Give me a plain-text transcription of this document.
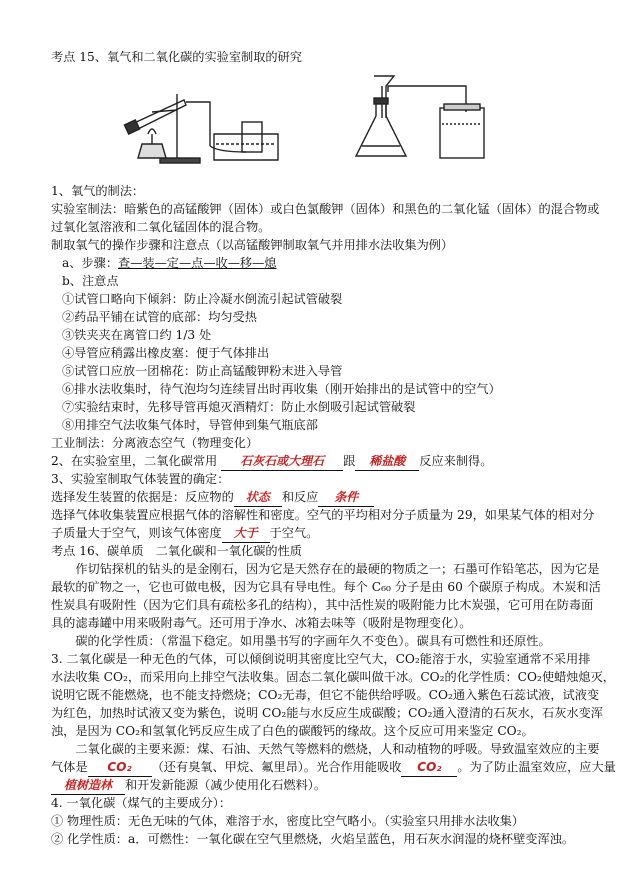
考点 15、氧气和二氧化碳的实验室制取的研究
1、氧气的制法：
实验室制法：暗紫色的高锰酸钾（固体）或白色氯酸钾（固体）和黑色的二氧化锰（固体）的混合物或
过氧化氢溶液和二氧化锰固体的混合物。
制取氧气的操作步骤和注意点（以高锰酸钾制取氧气并用排水法收集为例）
a、步骤：查—装—定—点—收—移—熄
b、注意点
①试管口略向下倾斜：防止冷凝水倒流引起试管破裂
②药品平铺在试管的底部：均匀受热
③铁夹夹在离管口约 1/3 处
④导管应稍露出橡皮塞：便于气体排出
⑤试管口应放一团棉花：防止高锰酸钾粉末进入导管
⑥排水法收集时，待气泡均匀连续冒出时再收集（刚开始排出的是试管中的空气）
⑦实验结束时，先移导管再熄灭酒精灯：防止水倒吸引起试管破裂
⑧用排空气法收集气体时，导管伸到集气瓶底部
工业制法：分离液态空气（物理变化）
2、在实验室里，二氧化碳常用 石灰石或大理石 跟 稀盐酸 反应来制得。
3、实验室制取气体装置的确定：
选择发生装置的依据是：反应物的 状态 和反应 条件
选择气体收集装置应根据气体的溶解性和密度。空气的平均相对分子质量为 29，如果某气体的相对分
子质量大于空气，则该气体密度 大于 于空气。
考点 16、碳单质　二氧化碳和一氧化碳的性质
　　作切钻探机的钻头的是金刚石，因为它是天然存在的最硬的物质之一；石墨可作铅笔芯，因为它是
最软的矿物之一，它也可做电极，因为它具有导电性。每个 C₆₀ 分子是由 60 个碳原子构成。木炭和活
性炭具有吸附性（因为它们具有疏松多孔的结构），其中活性炭的吸附能力比木炭强，它可用在防毒面
具的滤毒罐中用来吸附毒气。还可用于净水、冰箱去味等（吸附是物理变化）。
　　碳的化学性质：（常温下稳定。如用墨书写的字画年久不变色）。碳具有可燃性和还原性。
3. 二氧化碳是一种无色的气体，可以倾倒说明其密度比空气大，CO₂能溶于水，实验室通常不采用排
水法收集 CO₂，而采用向上排空气法收集。固态二氧化碳叫做干冰。CO₂的化学性质：CO₂使蜡烛熄灭，
说明它既不能燃烧，也不能支持燃烧；CO₂无毒，但它不能供给呼吸。CO₂通入紫色石蕊试液，试液变
为红色，加热时试液又变为紫色，说明 CO₂能与水反应生成碳酸；CO₂通入澄清的石灰水，石灰水变浑
浊，是因为 CO₂和氢氧化钙反应生成了白色的碳酸钙的缘故。这个反应可用来鉴定 CO₂。
　　二氧化碳的主要来源：煤、石油、天然气等燃料的燃烧，人和动植物的呼吸。导致温室效应的主要
气体是 CO₂ （还有臭氧、甲烷、氟里昂）。光合作用能吸收 CO₂ 。为了防止温室效应，应大量
植树造林 和开发新能源（减少使用化石燃料）。
4. 一氧化碳（煤气的主要成分）：
① 物理性质：无色无味的气体，难溶于水，密度比空气略小。（实验室只用排水法收集）
② 化学性质：a．可燃性：一氧化碳在空气里燃烧，火焰呈蓝色，用石灰水润湿的烧杯壁变浑浊。
